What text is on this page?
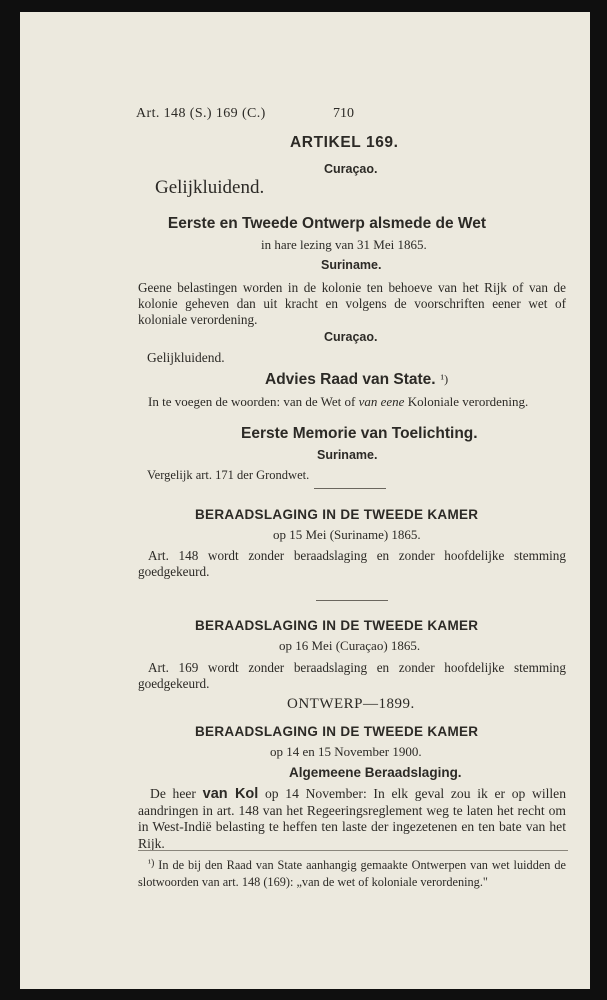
Art. 148 (S.) 169 (C.)	710
ARTIKEL 169.
Curaçao.
Gelijkluidend.
Eerste en Tweede Ontwerp alsmede de Wet
in hare lezing van 31 Mei 1865.
Suriname.
Geene belastingen worden in de kolonie ten behoeve van het Rijk of van de kolonie geheven dan uit kracht en volgens de voorschriften eener wet of koloniale verordening.
Curaçao.
Gelijkluidend.
Advies Raad van State. ¹)
In te voegen de woorden: van de Wet of van eene Koloniale verordening.
Eerste Memorie van Toelichting.
Suriname.
Vergelijk art. 171 der Grondwet.
BERAADSLAGING IN DE TWEEDE KAMER
op 15 Mei (Suriname) 1865.
Art. 148 wordt zonder beraadslaging en zonder hoofdelijke stemming goedgekeurd.
BERAADSLAGING IN DE TWEEDE KAMER
op 16 Mei (Curaçao) 1865.
Art. 169 wordt zonder beraadslaging en zonder hoofdelijke stemming goedgekeurd.
ONTWERP—1899.
BERAADSLAGING IN DE TWEEDE KAMER
op 14 en 15 November 1900.
Algemeene Beraadslaging.
De heer van Kol op 14 November: In elk geval zou ik er op willen aandringen in art. 148 van het Regeeringsreglement weg te laten het recht om in West-Indië belasting te heffen ten laste der ingezetenen en ten bate van het Rijk.
$^{^1)}$ In de bij den Raad van State aanhangig gemaakte Ontwerpen van wet luidden de slotwoorden van art. 148 (169): „van de wet of koloniale verordening."
